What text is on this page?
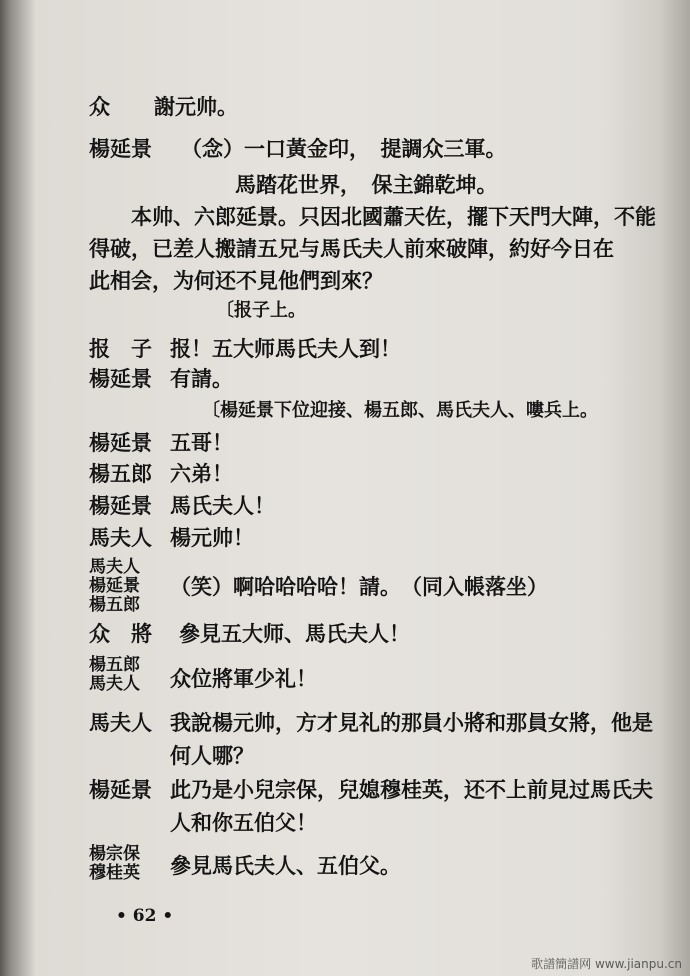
众 謝元帅。
楊延景 （念）一口黃金印，　提調众三軍。
馬踏花世界，　保主錦乾坤。
本帅、六郎延景。只因北國蕭天佐，擺下天門大陣，不能
得破，已差人搬請五兄与馬氏夫人前來破陣，約好今日在
此相会，为何还不見他們到來？
〔报子上。
报　子 报！五大师馬氏夫人到！
楊延景 有請。
〔楊延景下位迎接、楊五郎、馬氏夫人、嘍兵上。
楊延景 五哥！
楊五郎 六弟！
楊延景 馬氏夫人！
馬夫人 楊元帅！
馬夫人
楊延景
楊五郎
（笑）啊哈哈哈哈！請。　（同入帳落坐）
众　將 參見五大师、馬氏夫人！
楊五郎
馬夫人 众位將軍少礼！
馬夫人 我說楊元帅，方才見礼的那員小將和那員女將，他是
何人哪？
楊延景 此乃是小兒宗保，兒媳穆桂英，还不上前見过馬氏夫
人和你五伯父！
楊宗保
穆桂英 參見馬氏夫人、五伯父。
• 62 •
歌譜簡譜网 www.jianpu.cn
